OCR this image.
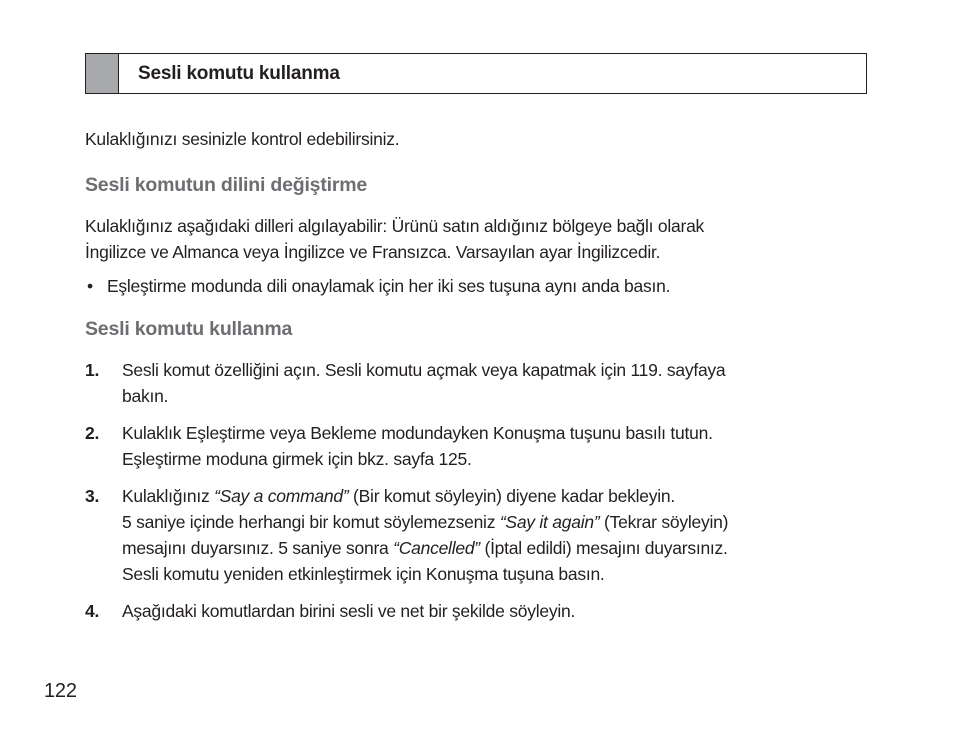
Sesli komutu kullanma
Kulaklığınızı sesinizle kontrol edebilirsiniz.
Sesli komutun dilini değiştirme
Kulaklığınız aşağıdaki dilleri algılayabilir: Ürünü satın aldığınız bölgeye bağlı olarak
İngilizce ve Almanca veya İngilizce ve Fransızca. Varsayılan ayar İngilizcedir.
• Eşleştirme modunda dili onaylamak için her iki ses tuşuna aynı anda basın.
Sesli komutu kullanma
1.	Sesli komut özelliğini açın. Sesli komutu açmak veya kapatmak için 119. sayfaya
bakın.
2.	Kulaklık Eşleştirme veya Bekleme modundayken Konuşma tuşunu basılı tutun.
Eşleştirme moduna girmek için bkz. sayfa 125.
3.	Kulaklığınız “Say a command” (Bir komut söyleyin) diyene kadar bekleyin.
5 saniye içinde herhangi bir komut söylemezseniz “Say it again” (Tekrar söyleyin)
mesajını duyarsınız. 5 saniye sonra “Cancelled” (İptal edildi) mesajını duyarsınız.
Sesli komutu yeniden etkinleştirmek için Konuşma tuşuna basın.
4.	Aşağıdaki komutlardan birini sesli ve net bir şekilde söyleyin.
122
